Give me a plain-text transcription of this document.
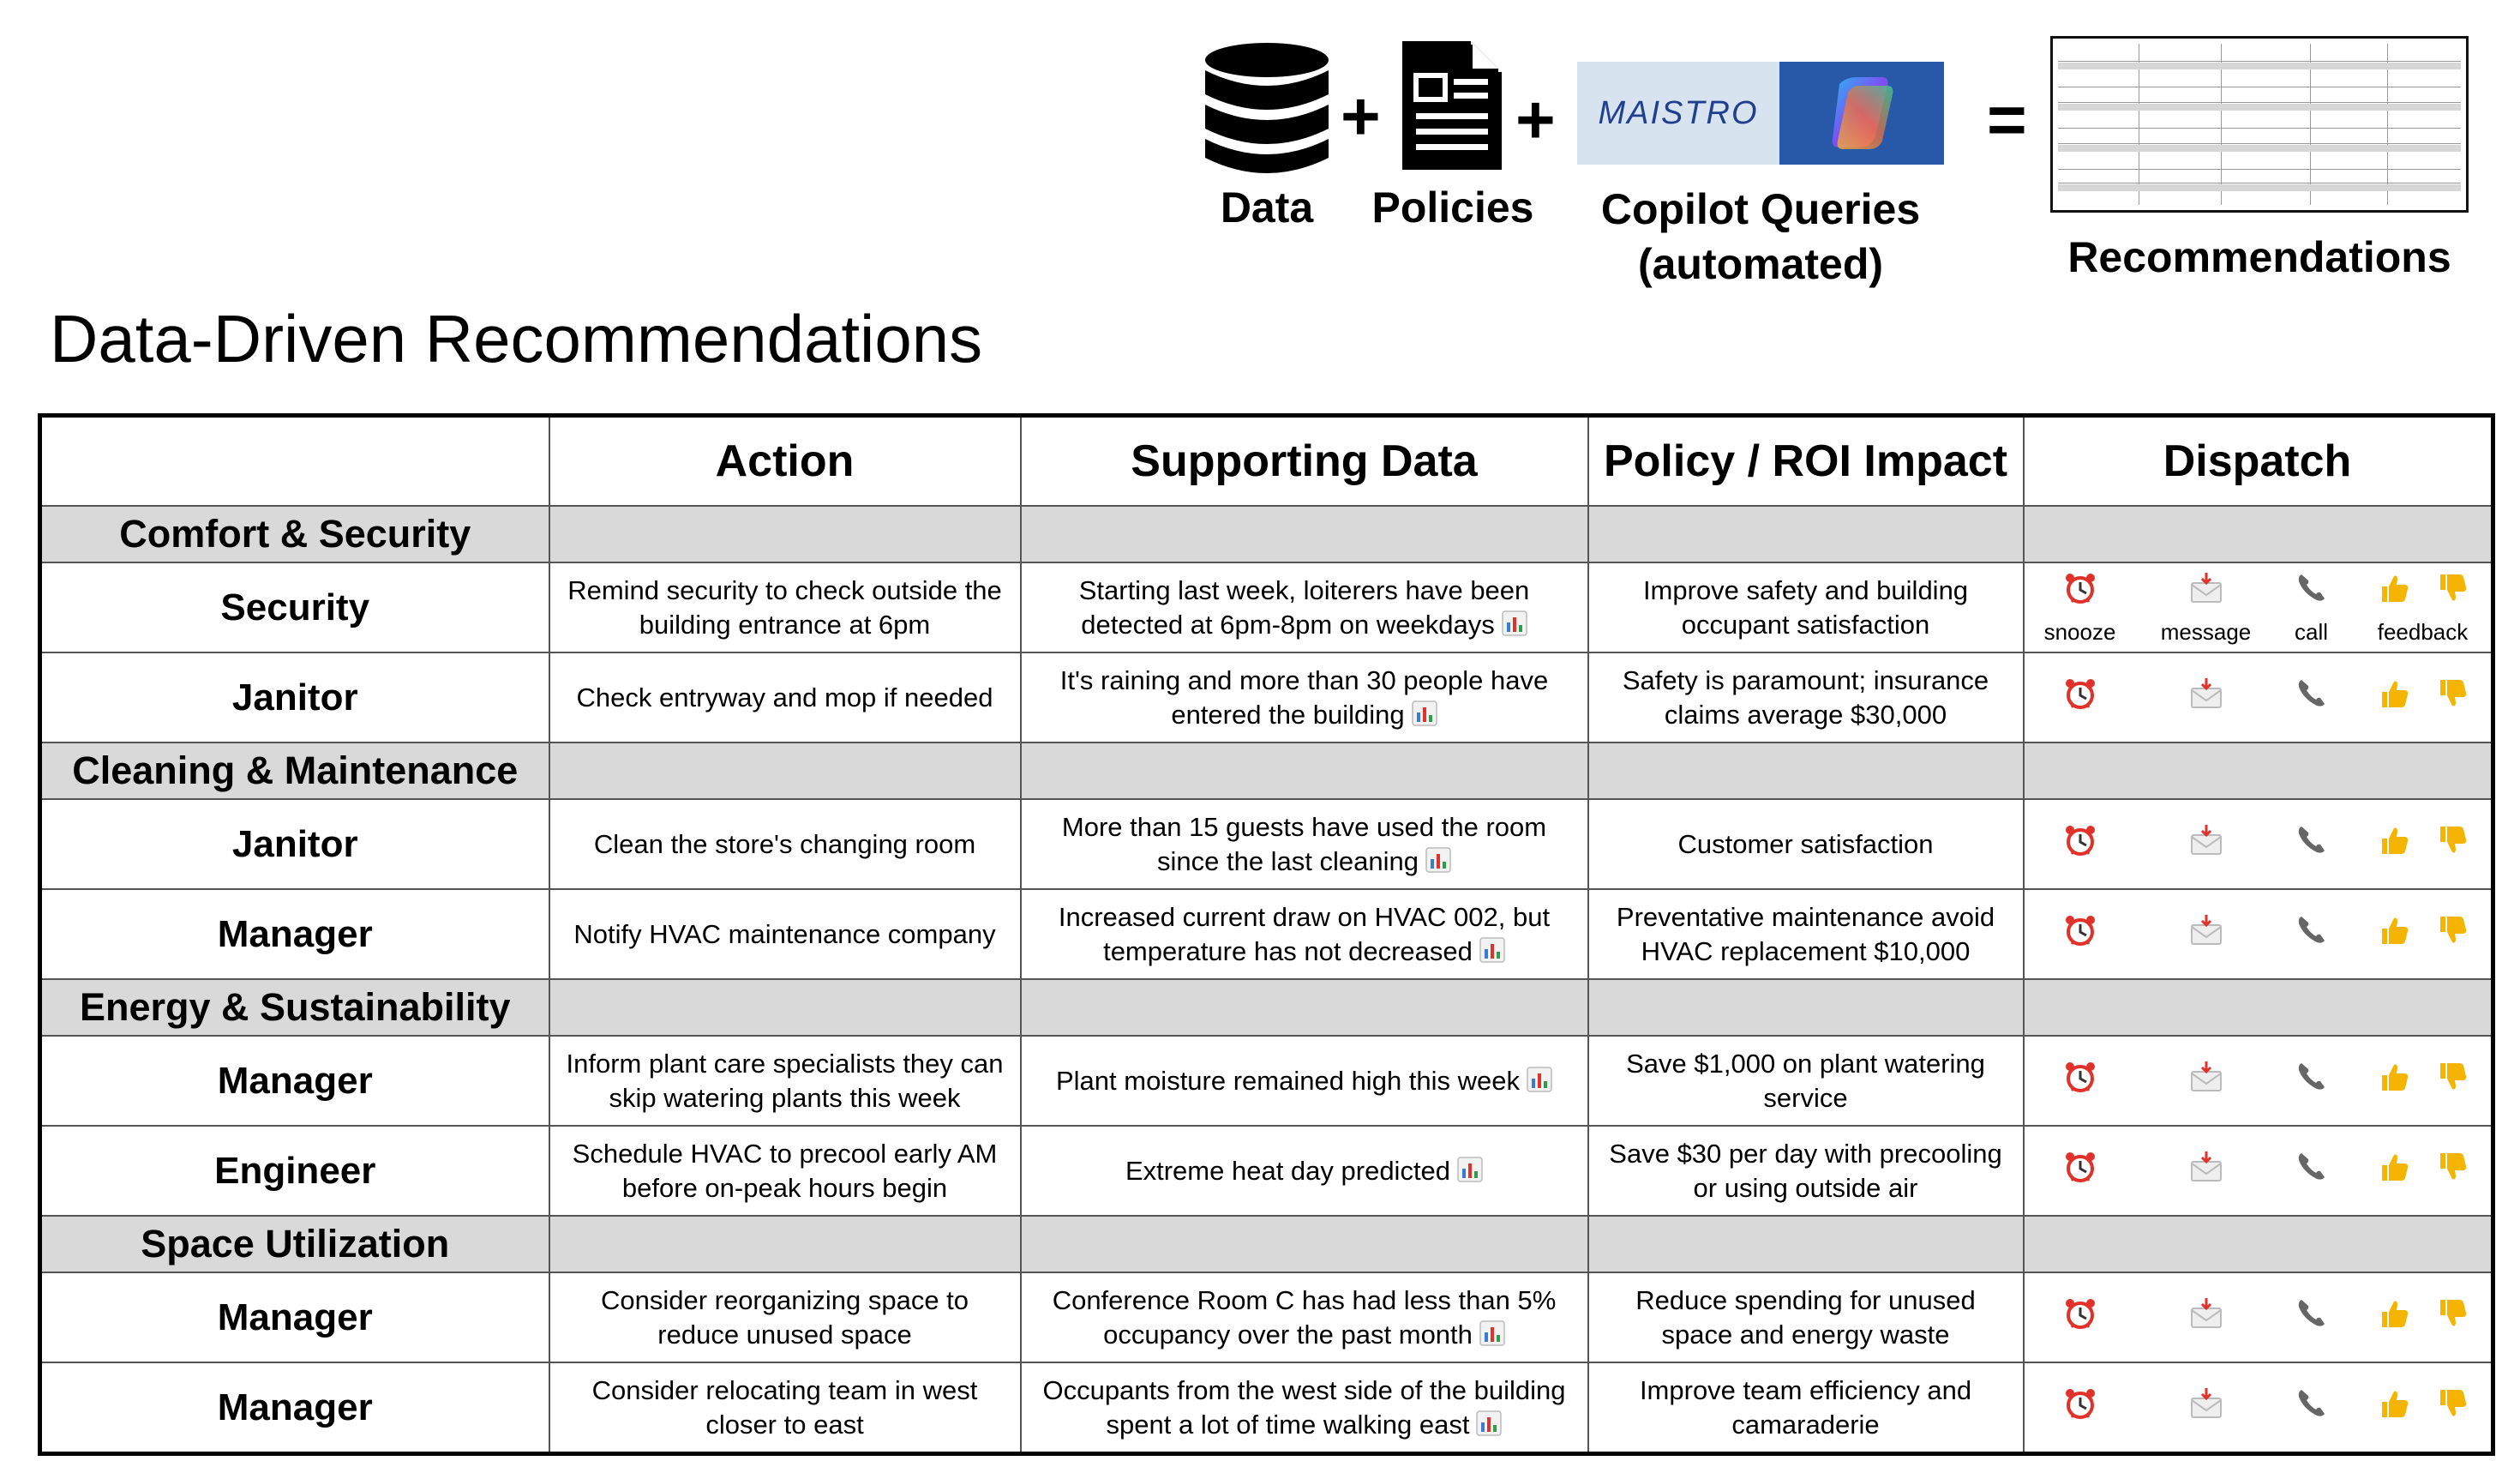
Data
+
Policies
+	MAISTRO
Copilot Queries
(automated)
=
Recommendations
Data-Driven Recommendations
	Action	Supporting Data	Policy / ROI Impact	Dispatch
Comfort & Security				
Security	Remind security to check outside the building entrance at 6pm	Starting last week, loiterers have been detected at 6pm-8pm on weekdays	Improve safety and building occupant satisfaction	snooze message call feedback

Janitor	Check entryway and mop if needed	It's raining and more than 30 people have entered the building	Safety is paramount; insurance claims average $30,000	

Cleaning & Maintenance				
Janitor	Clean the store's changing room	More than 15 guests have used the room since the last cleaning	Customer satisfaction	

Manager	Notify HVAC maintenance company	Increased current draw on HVAC 002, but temperature has not decreased	Preventative maintenance avoid HVAC replacement $10,000	

Energy & Sustainability				
Manager	Inform plant care specialists they can skip watering plants this week	Plant moisture remained high this week	Save $1,000 on plant watering service	

Engineer	Schedule HVAC to precool early AM before on-peak hours begin	Extreme heat day predicted	Save $30 per day with precooling or using outside air	

Space Utilization				
Manager	Consider reorganizing space to reduce unused space	Conference Room C has had less than 5% occupancy over the past month	Reduce spending for unused space and energy waste	

Manager	Consider relocating team in west closer to east	Occupants from the west side of the building spent a lot of time walking east	Improve team efficiency and camaraderie	
